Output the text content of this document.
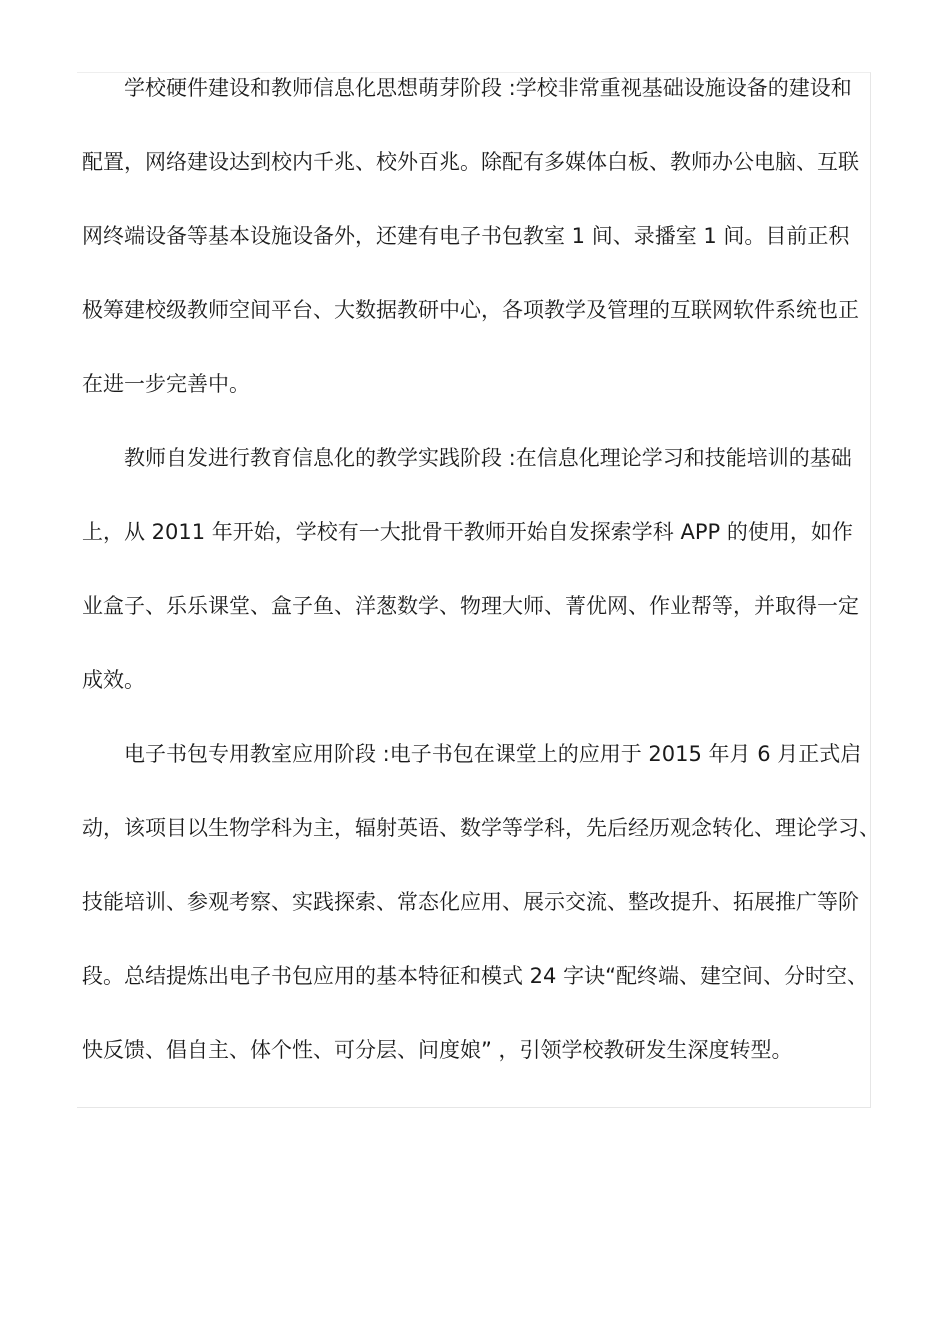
学校硬件建设和教师信息化思想萌芽阶段 :学校非常重视基础设施设备的建设和
配置，网络建设达到校内千兆、校外百兆。除配有多媒体白板、教师办公电脑、互联
网终端设备等基本设施设备外，还建有电子书包教室 1 间、录播室 1 间。目前正积
极筹建校级教师空间平台、大数据教研中心，各项教学及管理的互联网软件系统也正
在进一步完善中。
教师自发进行教育信息化的教学实践阶段 :在信息化理论学习和技能培训的基础
上，从 2011 年开始，学校有一大批骨干教师开始自发探索学科 APP 的使用，如作
业盒子、乐乐课堂、盒子鱼、洋葱数学、物理大师、菁优网、作业帮等，并取得一定
成效。
电子书包专用教室应用阶段 :电子书包在课堂上的应用于 2015 年月 6 月正式启
动，该项目以生物学科为主，辐射英语、数学等学科，先后经历观念转化、理论学习、
技能培训、参观考察、实践探索、常态化应用、展示交流、整改提升、拓展推广等阶
段。总结提炼出电子书包应用的基本特征和模式 24 字诀“配终端、建空间、分时空、
快反馈、倡自主、体个性、可分层、问度娘” ，引领学校教研发生深度转型。
